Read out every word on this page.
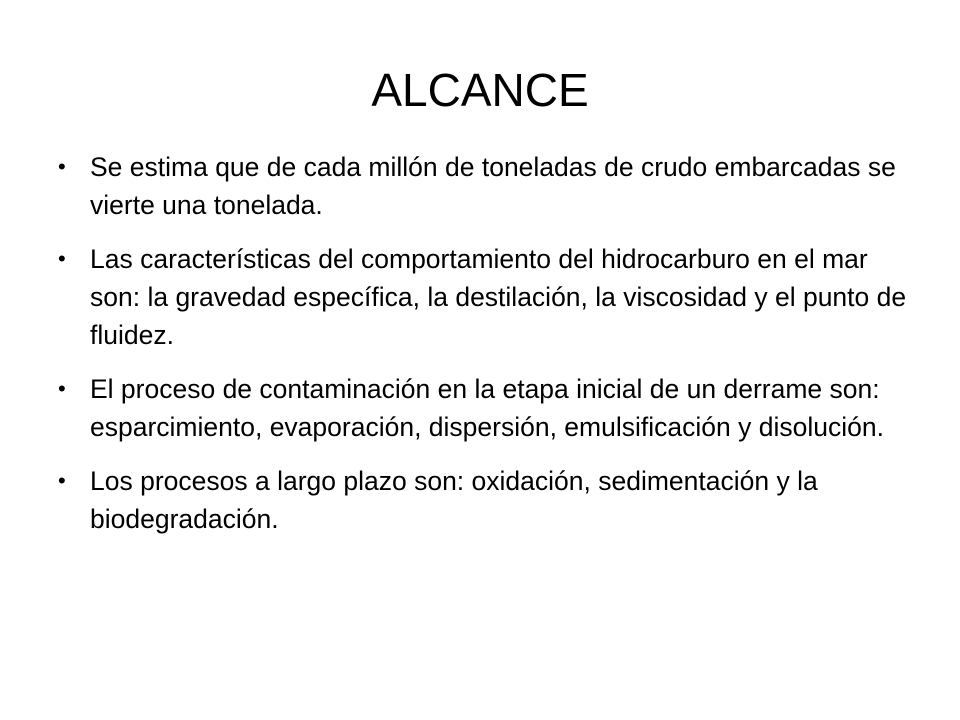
ALCANCE
• Se estima que de cada millón de toneladas de crudo embarcadas se vierte una tonelada.
• Las características del comportamiento del hidrocarburo en el mar son: la gravedad específica, la destilación, la viscosidad y el punto de fluidez.
• El proceso de contaminación en la etapa inicial de un derrame son: esparcimiento, evaporación, dispersión, emulsificación y disolución.
• Los procesos a largo plazo son: oxidación, sedimentación y la biodegradación.
